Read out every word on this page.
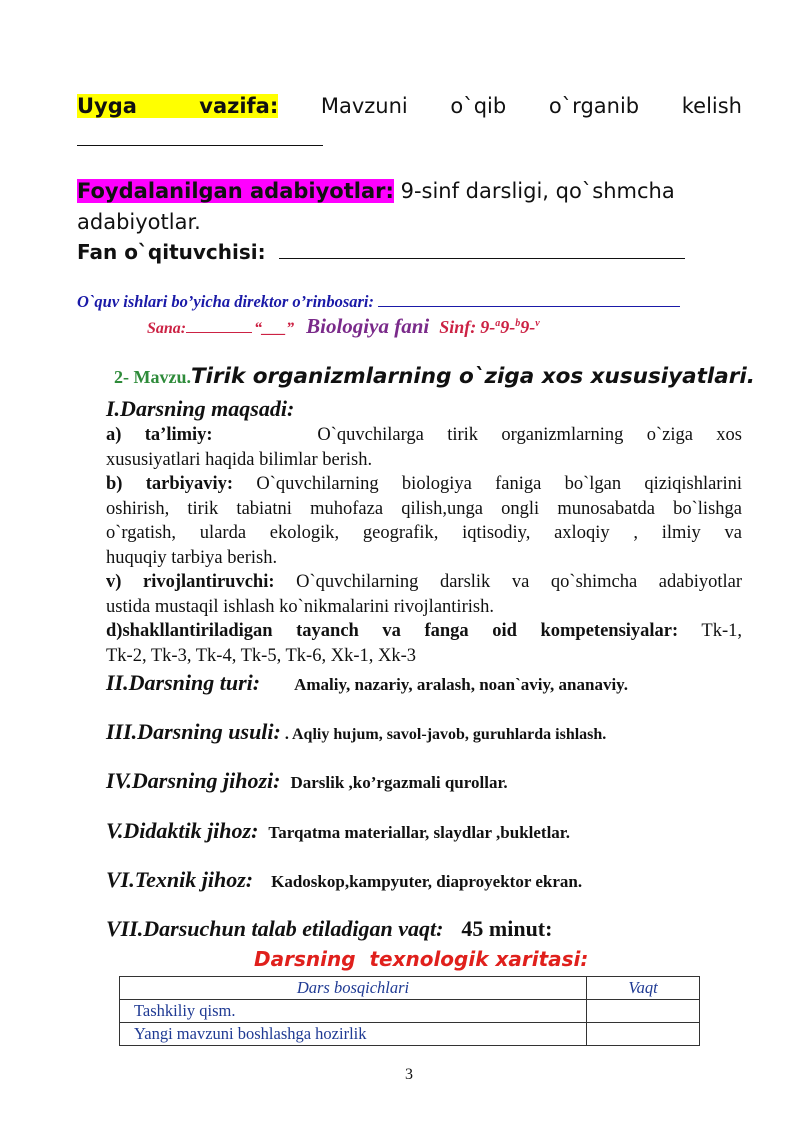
Uyga vazifa: Mavzuni o`qib o`rganib kelish
Foydalanilgan adabiyotlar: 9-sinf darsligi, qo`shmcha
adabiyotlar.
Fan o`qituvchisi:
O`quv ishlari bo’yicha direktor o’rinbosari:
Sana:	“___” Biologiya fani Sinf: 9-$^a$9-$^b$9-$^v$
2- Mavzu.Tirik organizmlarning o`ziga xos xususiyatlari.
I.Darsning maqsadi:
a) ta’limiy:	O`quvchilarga tirik organizmlarning o`ziga xos
xususiyatlari haqida bilimlar berish.
b) tarbiyaviy: O`quvchilarning biologiya faniga bo`lgan qiziqishlarini
oshirish, tirik tabiatni muhofaza qilish,unga ongli munosabatda bo`lishga
o`rgatish, ularda ekologik, geografik, iqtisodiy, axloqiy , ilmiy va
huquqiy tarbiya berish.
v) rivojlantiruvchi: O`quvchilarning darslik va qo`shimcha adabiyotlar
ustida mustaqil ishlash ko`nikmalarini rivojlantirish.
d)shakllantiriladigan tayanch va fanga oid kompetensiyalar: Tk-1,
Tk-2, Tk-3, Tk-4, Tk-5, Tk-6, Xk-1, Xk-3
II.Darsning turi: Amaliy, nazariy, aralash, noan`aviy, ananaviy.
III.Darsning usuli: . Aqliy hujum, savol-javob, guruhlarda ishlash.
IV.Darsning jihozi: Darslik ,ko’rgazmali qurollar.
V.Didaktik jihoz: Tarqatma materiallar, slaydlar ,bukletlar.
VI.Texnik jihoz: Kadoskop,kampyuter, diaproyektor ekran.
VII.Darsuchun talab etiladigan vaqt: 45 minut:
Darsning  texnologik xaritasi:
Dars bosqichlari	Vaqt
Tashkiliy qism.	
Yangi mavzuni boshlashga hozirlik	
3
